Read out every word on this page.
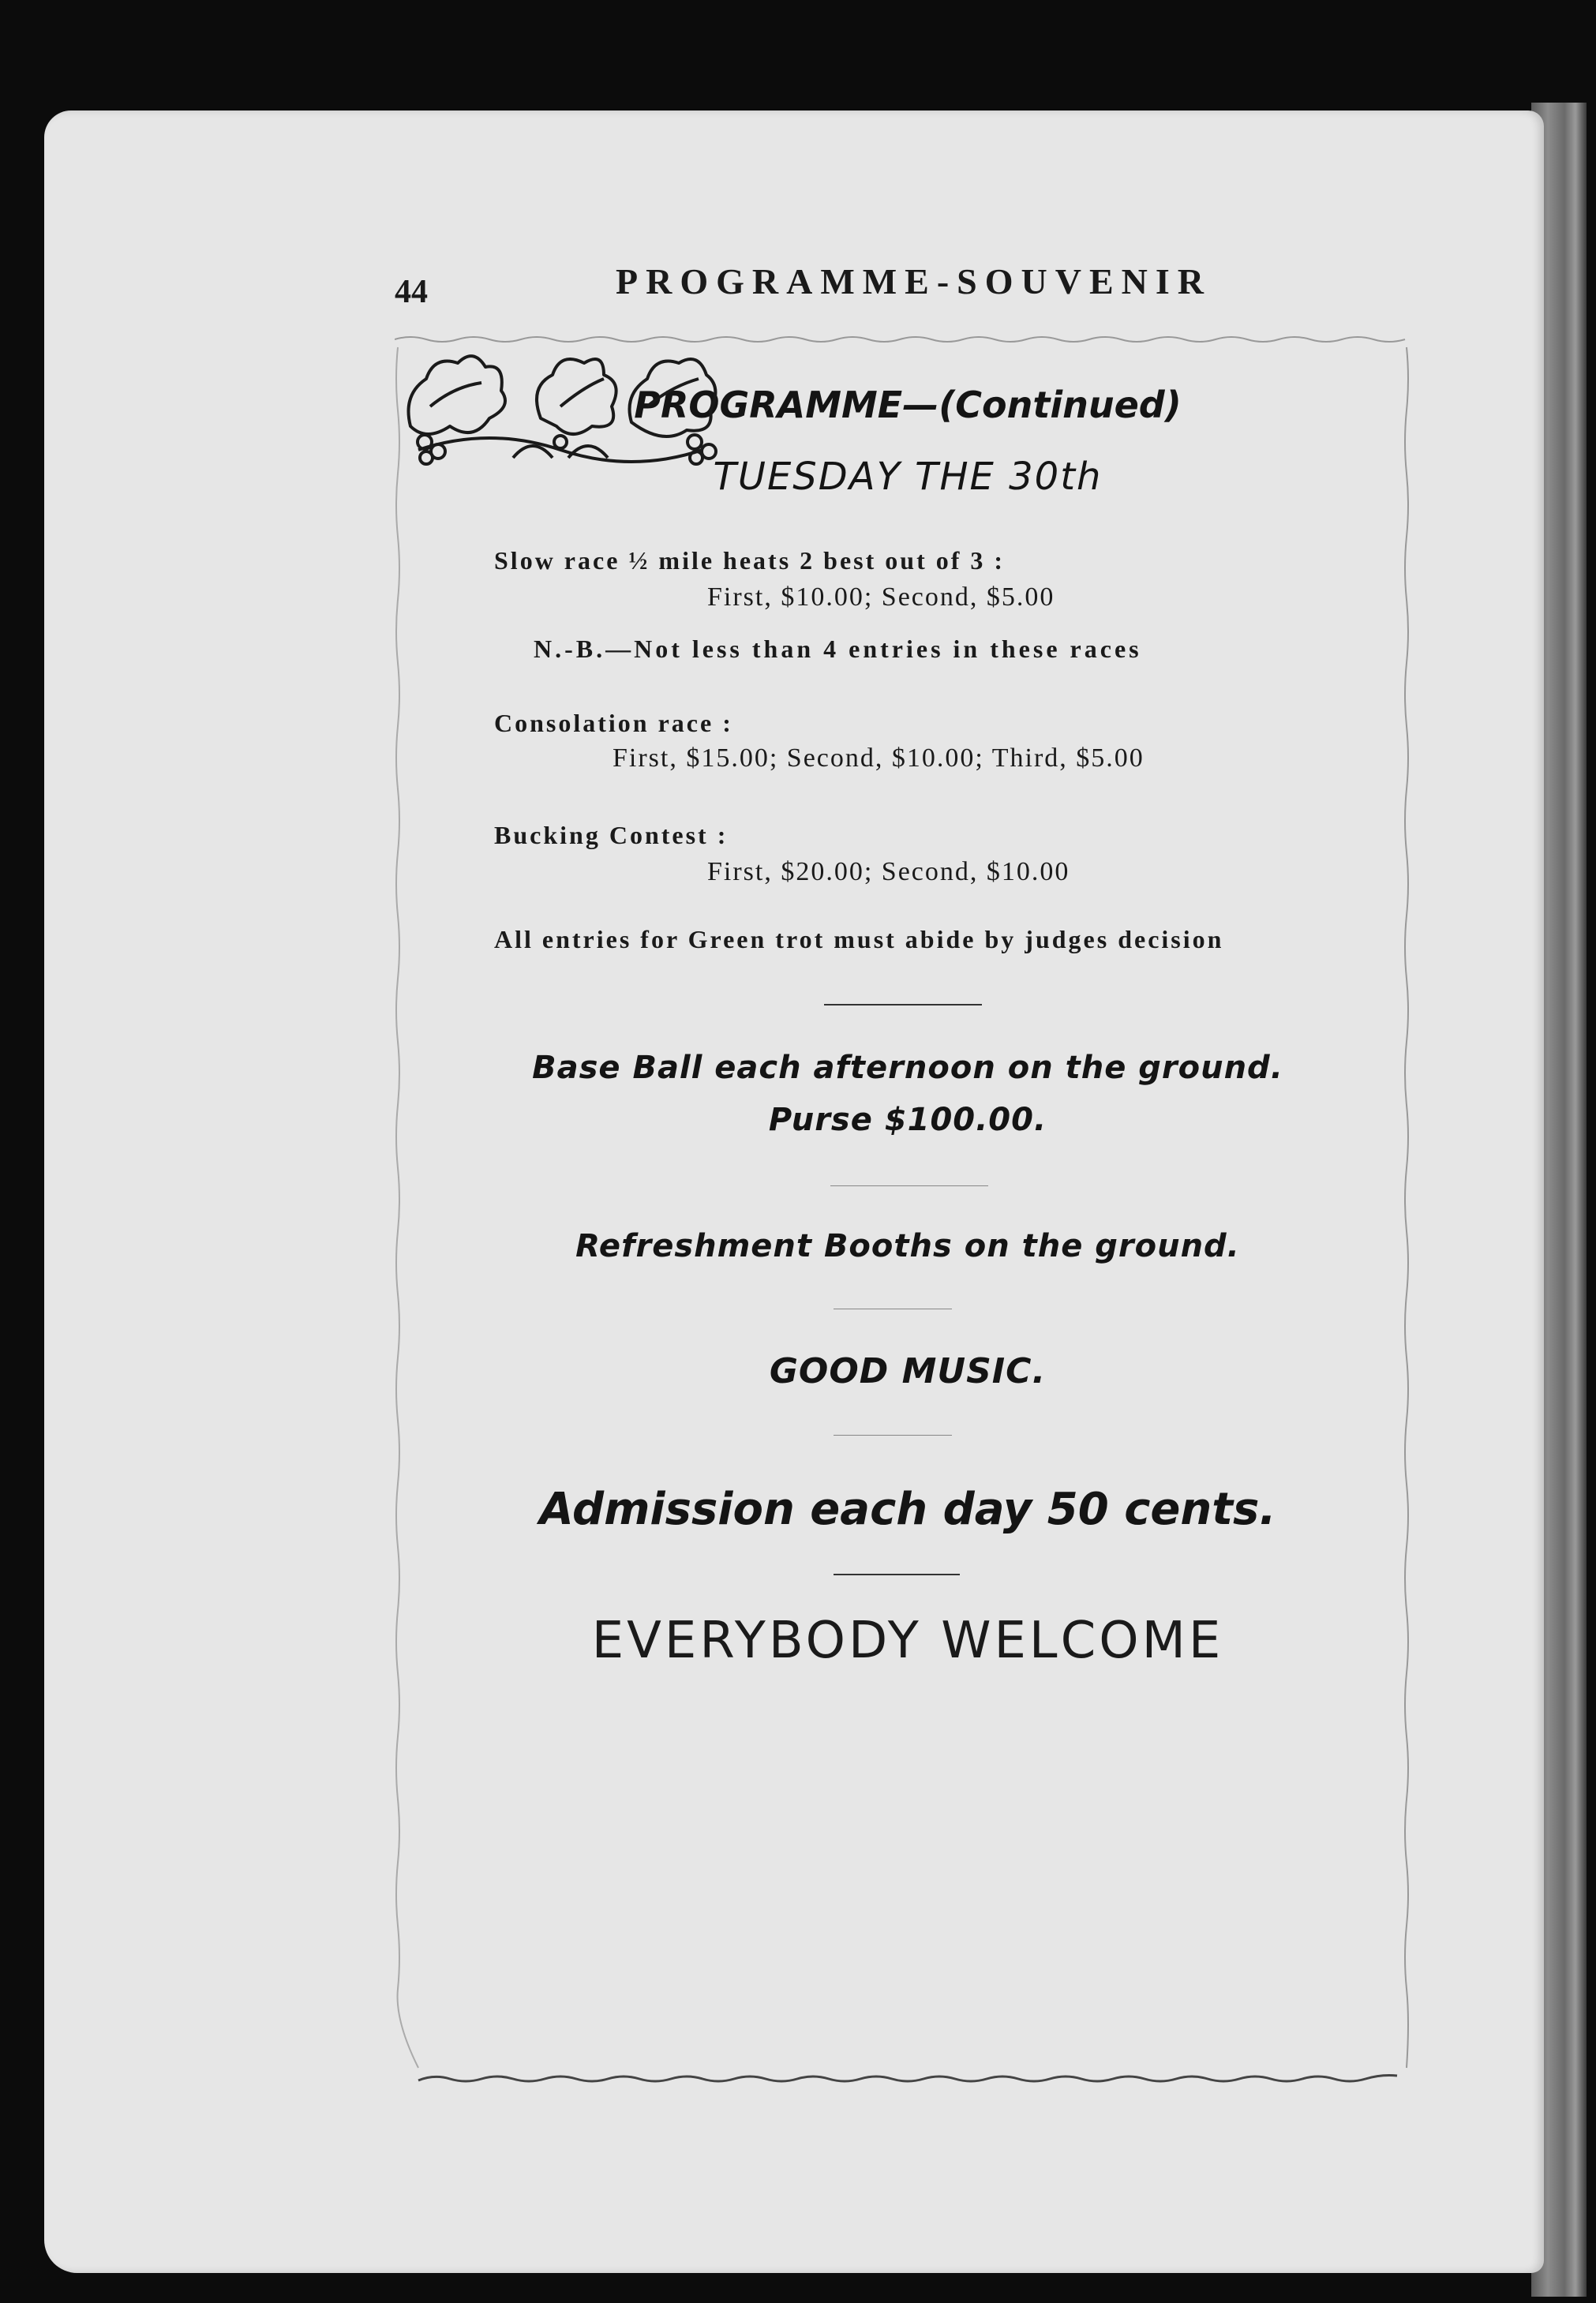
44	PROGRAMME-SOUVENIR
PROGRAMME—(Continued)
TUESDAY THE 30th
Slow race ½ mile heats 2 best out of 3 :
First, $10.00; Second, $5.00
N.-B.—Not less than 4 entries in these races
Consolation race :
First, $15.00; Second, $10.00; Third, $5.00
Bucking Contest :
First, $20.00; Second, $10.00
All entries for Green trot must abide by judges decision
Base Ball each afternoon on the ground.
Purse $100.00.
Refreshment Booths on the ground.
GOOD MUSIC.
Admission each day 50 cents.
EVERYBODY WELCOME
